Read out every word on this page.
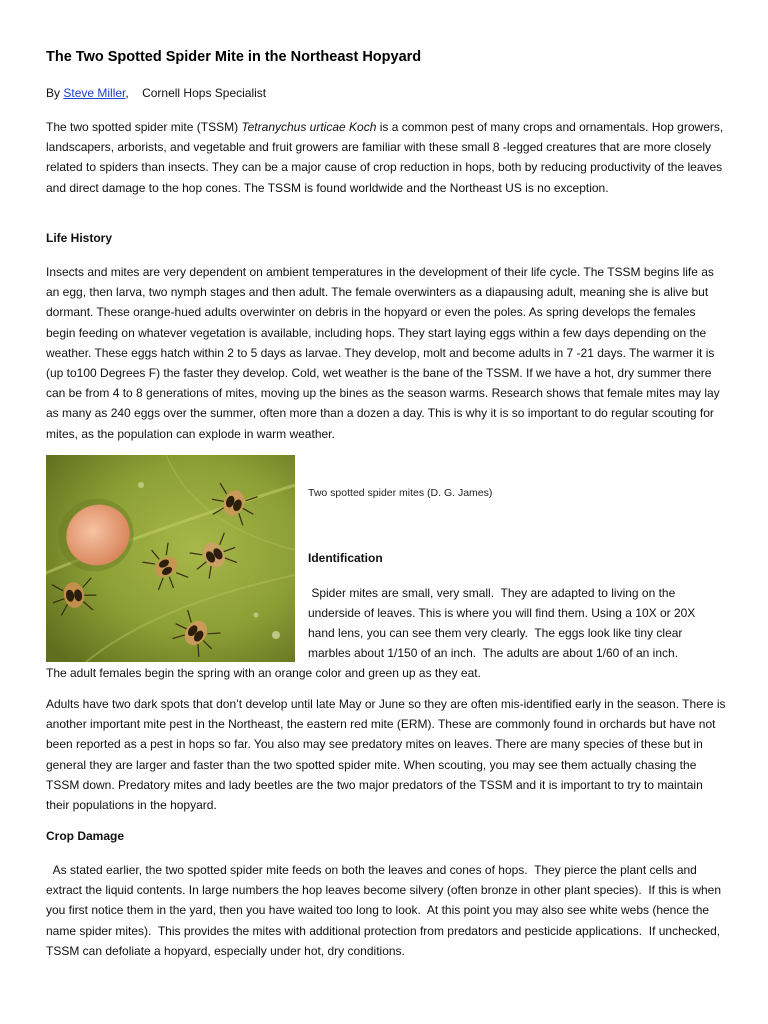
The Two Spotted Spider Mite in the Northeast Hopyard
By Steve Miller, Cornell Hops Specialist

The two spotted spider mite (TSSM) Tetranychus urticae Koch is a common pest of many crops and ornamentals. Hop growers, landscapers, arborists, and vegetable and fruit growers are familiar with these small 8 -legged creatures that are more closely related to spiders than insects. They can be a major cause of crop reduction in hops, both by reducing productivity of the leaves and direct damage to the hop cones. The TSSM is found worldwide and the Northeast US is no exception.

Life History

Insects and mites are very dependent on ambient temperatures in the development of their life cycle. The TSSM begins life as an egg, then larva, two nymph stages and then adult. The female overwinters as a diapausing adult, meaning she is alive but dormant. These orange-hued adults overwinter on debris in the hopyard or even the poles. As spring develops the females begin feeding on whatever vegetation is available, including hops. They start laying eggs within a few days depending on the weather. These eggs hatch within 2 to 5 days as larvae. They develop, molt and become adults in 7 -21 days. The warmer it is (up to100 Degrees F) the faster they develop. Cold, wet weather is the bane of the TSSM. If we have a hot, dry summer there can be from 4 to 8 generations of mites, moving up the bines as the season warms. Research shows that female mites may lay as many as 240 eggs over the summer, often more than a dozen a day. This is why it is so important to do regular scouting for mites, as the population can explode in warm weather.

Two spotted spider mites (D. G. James)
Identification
Spider mites are small, very small.  They are adapted to living on the
underside of leaves. This is where you will find them. Using a 10X or 20X
hand lens, you can see them very clearly.  The eggs look like tiny clear
marbles about 1/150 of an inch.  The adults are about 1/60 of an inch.

The adult females begin the spring with an orange color and green up as they eat.

Adults have two dark spots that don’t develop until late May or June so they are often mis-identified early in the season. There is another important mite pest in the Northeast, the eastern red mite (ERM). These are commonly found in orchards but have not been reported as a pest in hops so far. You also may see predatory mites on leaves. There are many species of these but in general they are larger and faster than the two spotted spider mite. When scouting, you may see them actually chasing the TSSM down. Predatory mites and lady beetles are the two major predators of the TSSM and it is important to try to maintain their populations in the hopyard.

Crop Damage

As stated earlier, the two spotted spider mite feeds on both the leaves and cones of hops.  They pierce the plant cells and extract the liquid contents. In large numbers the hop leaves become silvery (often bronze in other plant species).  If this is when you first notice them in the yard, then you have waited too long to look.  At this point you may also see white webs (hence the name spider mites).  This provides the mites with additional protection from predators and pesticide applications.  If unchecked, TSSM can defoliate a hopyard, especially under hot, dry conditions.
